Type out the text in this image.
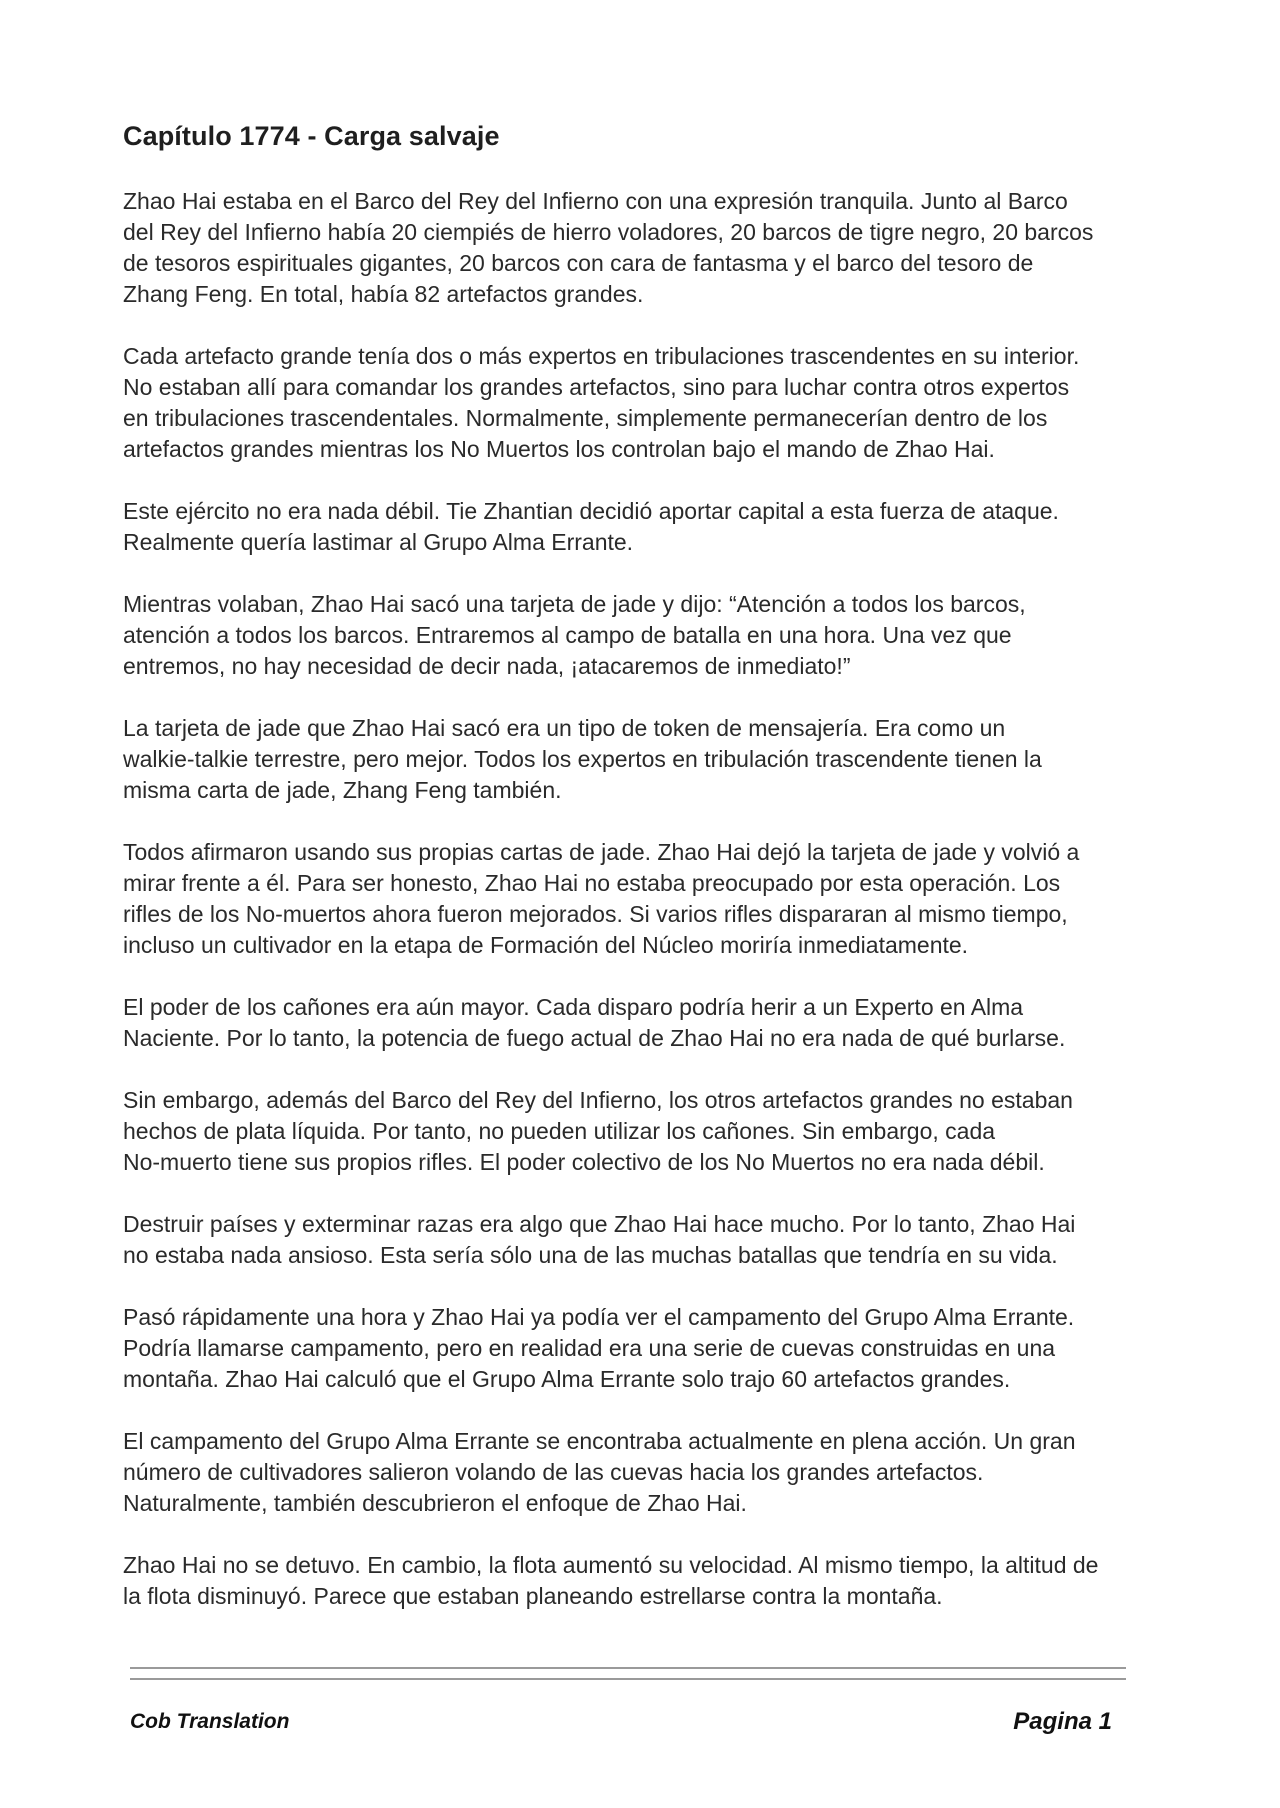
Capítulo 1774 - Carga salvaje

Zhao Hai estaba en el Barco del Rey del Infierno con una expresión tranquila. Junto al Barco
del Rey del Infierno había 20 ciempiés de hierro voladores, 20 barcos de tigre negro, 20 barcos
de tesoros espirituales gigantes, 20 barcos con cara de fantasma y el barco del tesoro de
Zhang Feng. En total, había 82 artefactos grandes.

Cada artefacto grande tenía dos o más expertos en tribulaciones trascendentes en su interior.
No estaban allí para comandar los grandes artefactos, sino para luchar contra otros expertos
en tribulaciones trascendentales. Normalmente, simplemente permanecerían dentro de los
artefactos grandes mientras los No Muertos los controlan bajo el mando de Zhao Hai.

Este ejército no era nada débil. Tie Zhantian decidió aportar capital a esta fuerza de ataque.
Realmente quería lastimar al Grupo Alma Errante.

Mientras volaban, Zhao Hai sacó una tarjeta de jade y dijo: “Atención a todos los barcos,
atención a todos los barcos. Entraremos al campo de batalla en una hora. Una vez que
entremos, no hay necesidad de decir nada, ¡atacaremos de inmediato!”

La tarjeta de jade que Zhao Hai sacó era un tipo de token de mensajería. Era como un
walkie-talkie terrestre, pero mejor. Todos los expertos en tribulación trascendente tienen la
misma carta de jade, Zhang Feng también.

Todos afirmaron usando sus propias cartas de jade. Zhao Hai dejó la tarjeta de jade y volvió a
mirar frente a él. Para ser honesto, Zhao Hai no estaba preocupado por esta operación. Los
rifles de los No-muertos ahora fueron mejorados. Si varios rifles dispararan al mismo tiempo,
incluso un cultivador en la etapa de Formación del Núcleo moriría inmediatamente.

El poder de los cañones era aún mayor. Cada disparo podría herir a un Experto en Alma
Naciente. Por lo tanto, la potencia de fuego actual de Zhao Hai no era nada de qué burlarse.

Sin embargo, además del Barco del Rey del Infierno, los otros artefactos grandes no estaban
hechos de plata líquida. Por tanto, no pueden utilizar los cañones. Sin embargo, cada
No-muerto tiene sus propios rifles. El poder colectivo de los No Muertos no era nada débil.

Destruir países y exterminar razas era algo que Zhao Hai hace mucho. Por lo tanto, Zhao Hai
no estaba nada ansioso. Esta sería sólo una de las muchas batallas que tendría en su vida.

Pasó rápidamente una hora y Zhao Hai ya podía ver el campamento del Grupo Alma Errante.
Podría llamarse campamento, pero en realidad era una serie de cuevas construidas en una
montaña. Zhao Hai calculó que el Grupo Alma Errante solo trajo 60 artefactos grandes.

El campamento del Grupo Alma Errante se encontraba actualmente en plena acción. Un gran
número de cultivadores salieron volando de las cuevas hacia los grandes artefactos.
Naturalmente, también descubrieron el enfoque de Zhao Hai.

Zhao Hai no se detuvo. En cambio, la flota aumentó su velocidad. Al mismo tiempo, la altitud de
la flota disminuyó. Parece que estaban planeando estrellarse contra la montaña.

Cob Translation	Pagina 1
